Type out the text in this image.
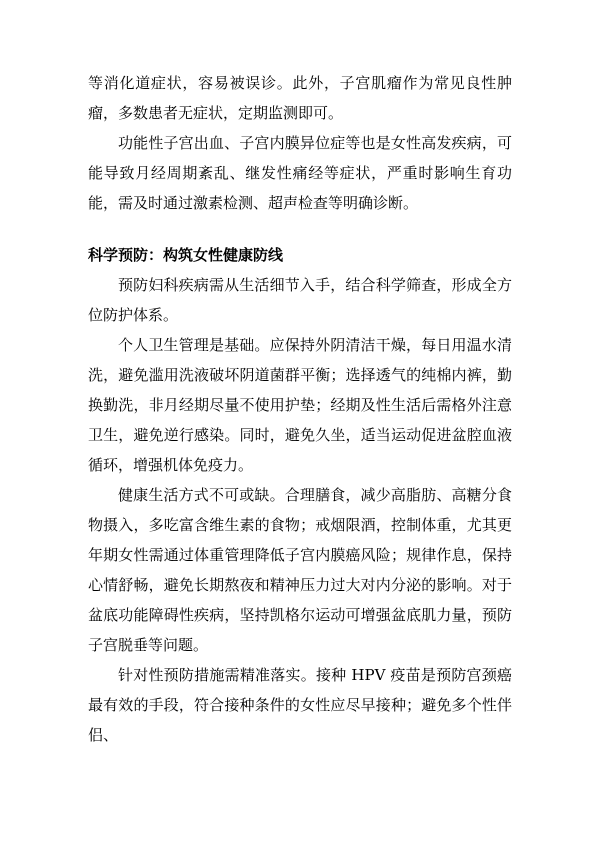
等消化道症状，容易被误诊。此外，子宫肌瘤作为常见良性肿瘤，多数患者无症状，定期监测即可。

功能性子宫出血、子宫内膜异位症等也是女性高发疾病，可能导致月经周期紊乱、继发性痛经等症状，严重时影响生育功能，需及时通过激素检测、超声检查等明确诊断。

科学预防：构筑女性健康防线

预防妇科疾病需从生活细节入手，结合科学筛查，形成全方位防护体系。

个人卫生管理是基础。应保持外阴清洁干燥，每日用温水清洗，避免滥用洗液破坏阴道菌群平衡；选择透气的纯棉内裤，勤换勤洗，非月经期尽量不使用护垫；经期及性生活后需格外注意卫生，避免逆行感染。同时，避免久坐，适当运动促进盆腔血液循环，增强机体免疫力。

健康生活方式不可或缺。合理膳食，减少高脂肪、高糖分食物摄入，多吃富含维生素的食物；戒烟限酒，控制体重，尤其更年期女性需通过体重管理降低子宫内膜癌风险；规律作息，保持心情舒畅，避免长期熬夜和精神压力过大对内分泌的影响。对于盆底功能障碍性疾病，坚持凯格尔运动可增强盆底肌力量，预防子宫脱垂等问题。

针对性预防措施需精准落实。接种 HPV 疫苗是预防宫颈癌最有效的手段，符合接种条件的女性应尽早接种；避免多个性伴侣、
